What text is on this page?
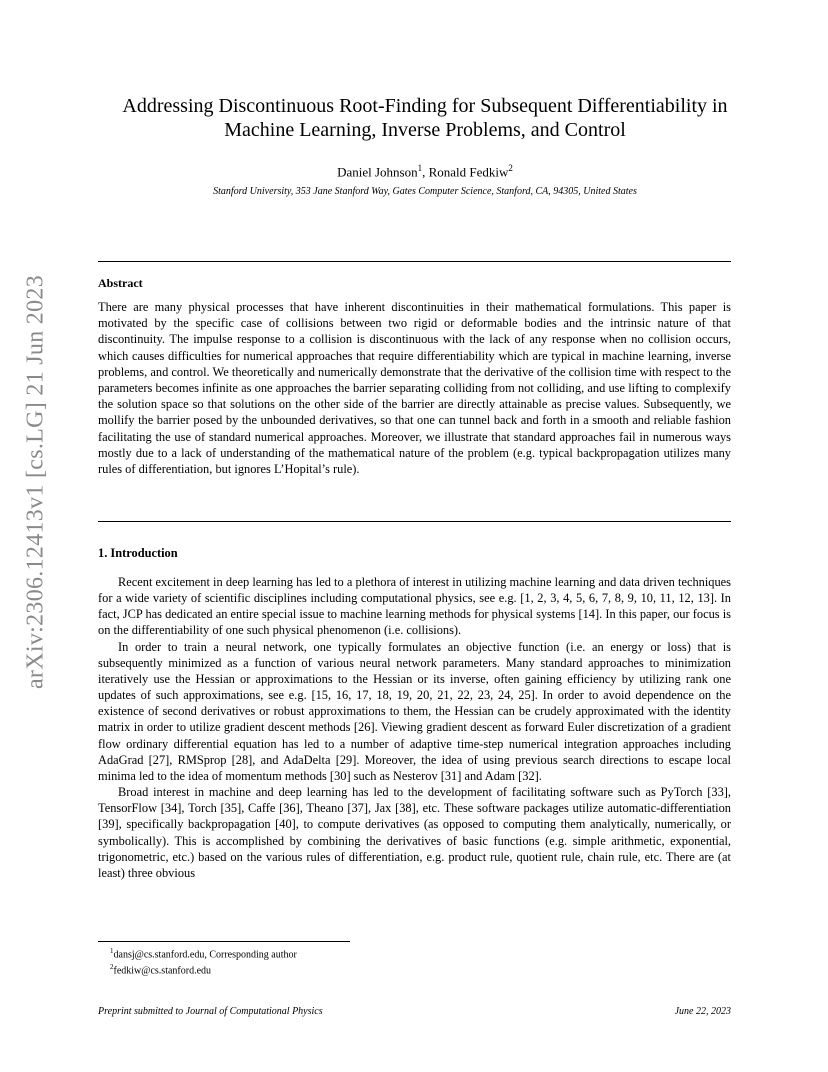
arXiv:2306.12413v1 [cs.LG] 21 Jun 2023
Addressing Discontinuous Root-Finding for Subsequent Differentiability in
Machine Learning, Inverse Problems, and Control
Daniel Johnson$^1$, Ronald Fedkiw$^2$
Stanford University, 353 Jane Stanford Way, Gates Computer Science, Stanford, CA, 94305, United States
Abstract
There are many physical processes that have inherent discontinuities in their mathematical formulations. This paper is motivated by the specific case of collisions between two rigid or deformable bodies and the intrinsic nature of that discontinuity. The impulse response to a collision is discontinuous with the lack of any response when no collision occurs, which causes difficulties for numerical approaches that require differentiability which are typical in machine learning, inverse problems, and control. We theoretically and numerically demonstrate that the derivative of the collision time with respect to the parameters becomes infinite as one approaches the barrier separating colliding from not colliding, and use lifting to complexify the solution space so that solutions on the other side of the barrier are directly attainable as precise values. Subsequently, we mollify the barrier posed by the unbounded derivatives, so that one can tunnel back and forth in a smooth and reliable fashion facilitating the use of standard numerical approaches. Moreover, we illustrate that standard approaches fail in numerous ways mostly due to a lack of understanding of the mathematical nature of the problem (e.g. typical backpropagation utilizes many rules of differentiation, but ignores L’Hopital’s rule).
1. Introduction

Recent excitement in deep learning has led to a plethora of interest in utilizing machine learning and data driven techniques for a wide variety of scientific disciplines including computational physics, see e.g. [1, 2, 3, 4, 5, 6, 7, 8, 9, 10, 11, 12, 13]. In fact, JCP has dedicated an entire special issue to machine learning methods for physical systems [14]. In this paper, our focus is on the differentiability of one such physical phenomenon (i.e. collisions).

In order to train a neural network, one typically formulates an objective function (i.e. an energy or loss) that is subsequently minimized as a function of various neural network parameters. Many standard approaches to minimization iteratively use the Hessian or approximations to the Hessian or its inverse, often gaining efficiency by utilizing rank one updates of such approximations, see e.g. [15, 16, 17, 18, 19, 20, 21, 22, 23, 24, 25]. In order to avoid dependence on the existence of second derivatives or robust approximations to them, the Hessian can be crudely approximated with the identity matrix in order to utilize gradient descent methods [26]. Viewing gradient descent as forward Euler discretization of a gradient flow ordinary differential equation has led to a number of adaptive time-step numerical integration approaches including AdaGrad [27], RMSprop [28], and AdaDelta [29]. Moreover, the idea of using previous search directions to escape local minima led to the idea of momentum methods [30] such as Nesterov [31] and Adam [32].

Broad interest in machine and deep learning has led to the development of facilitating software such as PyTorch [33], TensorFlow [34], Torch [35], Caffe [36], Theano [37], Jax [38], etc. These software packages utilize automatic-differentiation [39], specifically backpropagation [40], to compute derivatives (as opposed to computing them analytically, numerically, or symbolically). This is accomplished by combining the derivatives of basic functions (e.g. simple arithmetic, exponential, trigonometric, etc.) based on the various rules of differentiation, e.g. product rule, quotient rule, chain rule, etc. There are (at least) three obvious

$^1$dansj@cs.stanford.edu, Corresponding author
$^2$fedkiw@cs.stanford.edu
Preprint submitted to Journal of Computational Physics	June 22, 2023
